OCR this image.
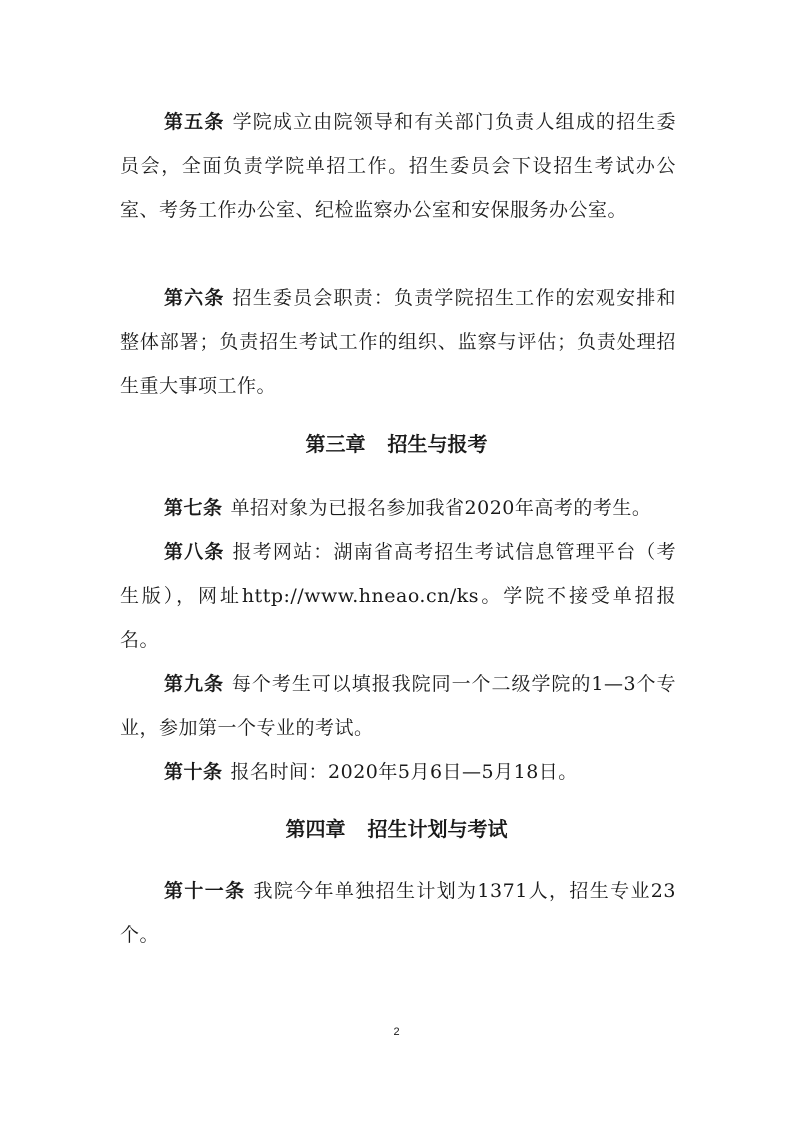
第五条 学院成立由院领导和有关部门负责人组成的招生委员会，全面负责学院单招工作。招生委员会下设招生考试办公室、考务工作办公室、纪检监察办公室和安保服务办公室。

第六条 招生委员会职责：负责学院招生工作的宏观安排和整体部署；负责招生考试工作的组织、监察与评估；负责处理招生重大事项工作。

第三章 招生与报考

第七条 单招对象为已报名参加我省2020年高考的考生。

第八条 报考网站：湖南省高考招生考试信息管理平台（考生版），网址http://www.hneao.cn/ks。学院不接受单招报名。

第九条 每个考生可以填报我院同一个二级学院的1—3个专业，参加第一个专业的考试。

第十条 报名时间：2020年5月6日—5月18日。

第四章 招生计划与考试

第十一条 我院今年单独招生计划为1371人，招生专业23个。

2
